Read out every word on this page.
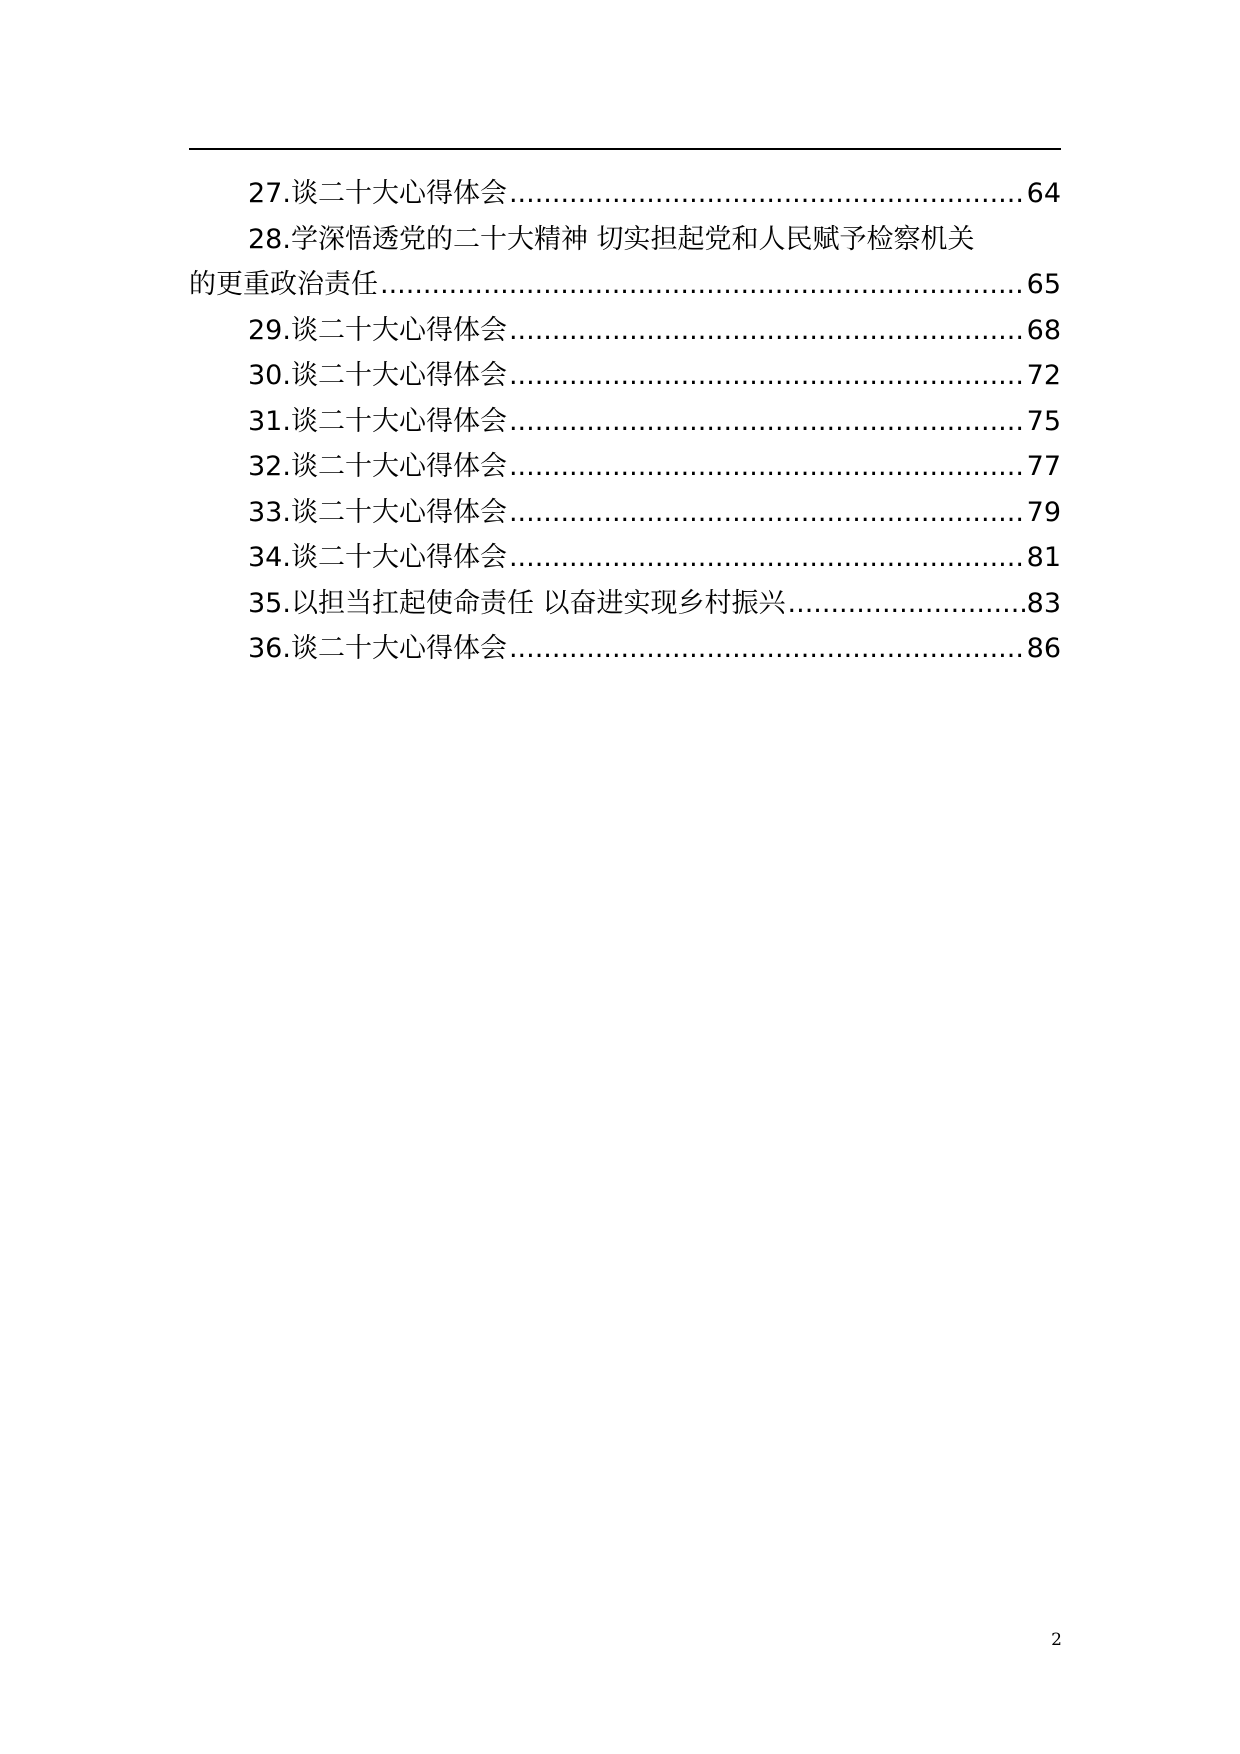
27. 谈二十大心得体会 .....	64
28.学深悟透党的二十大精神 切实担起党和人民赋予检察机关
的更重政治责任 .....	65
29. 谈二十大心得体会 .....	68
30. 谈二十大心得体会 .....	72
31. 谈二十大心得体会 .....	75
32. 谈二十大心得体会 .....	77
33. 谈二十大心得体会 .....	79
34. 谈二十大心得体会 .....	81
35. 以担当扛起使命责任 以奋进实现乡村振兴 .....	83
36. 谈二十大心得体会 .....	86
2
